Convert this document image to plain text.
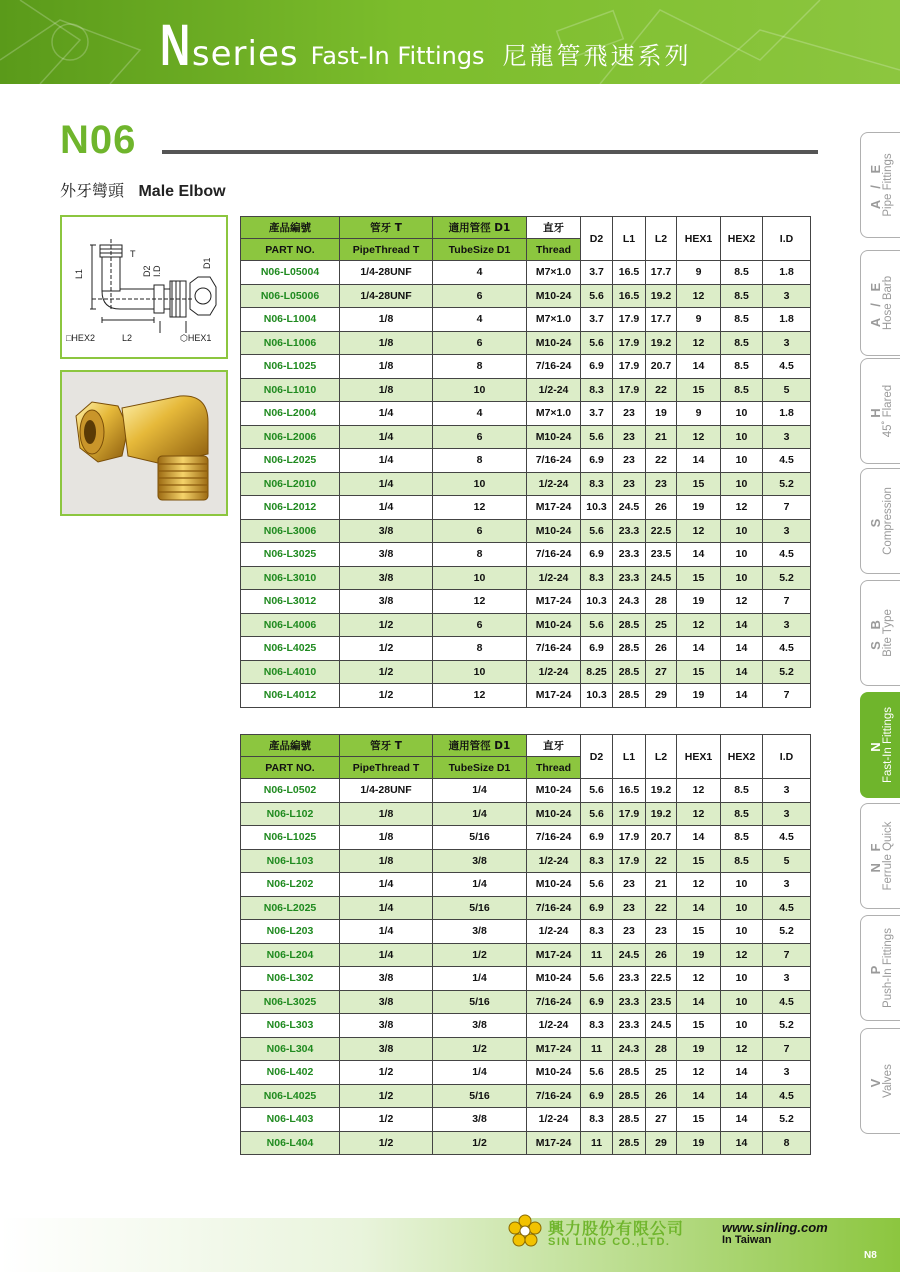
N series Fast-In Fittings 尼龍管飛速系列
N06
外牙彎頭 Male Elbow
L1
T
D2 I.D
D1
□HEX2	L2	⬡HEX1
產品編號	管牙 T	適用管徑 D1	直牙	D2	L1	L2	HEX1	HEX2	I.D
PART NO.	PipeThread T	TubeSize D1	Thread						
N06-L05004	1/4-28UNF	4	M7×1.0	3.7	16.5	17.7	9	8.5	1.8
N06-L05006	1/4-28UNF	6	M10-24	5.6	16.5	19.2	12	8.5	3
N06-L1004	1/8	4	M7×1.0	3.7	17.9	17.7	9	8.5	1.8
N06-L1006	1/8	6	M10-24	5.6	17.9	19.2	12	8.5	3
N06-L1025	1/8	8	7/16-24	6.9	17.9	20.7	14	8.5	4.5
N06-L1010	1/8	10	1/2-24	8.3	17.9	22	15	8.5	5
N06-L2004	1/4	4	M7×1.0	3.7	23	19	9	10	1.8
N06-L2006	1/4	6	M10-24	5.6	23	21	12	10	3
N06-L2025	1/4	8	7/16-24	6.9	23	22	14	10	4.5
N06-L2010	1/4	10	1/2-24	8.3	23	23	15	10	5.2
N06-L2012	1/4	12	M17-24	10.3	24.5	26	19	12	7
N06-L3006	3/8	6	M10-24	5.6	23.3	22.5	12	10	3
N06-L3025	3/8	8	7/16-24	6.9	23.3	23.5	14	10	4.5
N06-L3010	3/8	10	1/2-24	8.3	23.3	24.5	15	10	5.2
N06-L3012	3/8	12	M17-24	10.3	24.3	28	19	12	7
N06-L4006	1/2	6	M10-24	5.6	28.5	25	12	14	3
N06-L4025	1/2	8	7/16-24	6.9	28.5	26	14	14	4.5
N06-L4010	1/2	10	1/2-24	8.25	28.5	27	15	14	5.2
N06-L4012	1/2	12	M17-24	10.3	28.5	29	19	14	7
產品編號	管牙 T	適用管徑 D1	直牙	D2	L1	L2	HEX1	HEX2	I.D
PART NO.	PipeThread T	TubeSize D1	Thread						
N06-L0502	1/4-28UNF	1/4	M10-24	5.6	16.5	19.2	12	8.5	3
N06-L102	1/8	1/4	M10-24	5.6	17.9	19.2	12	8.5	3
N06-L1025	1/8	5/16	7/16-24	6.9	17.9	20.7	14	8.5	4.5
N06-L103	1/8	3/8	1/2-24	8.3	17.9	22	15	8.5	5
N06-L202	1/4	1/4	M10-24	5.6	23	21	12	10	3
N06-L2025	1/4	5/16	7/16-24	6.9	23	22	14	10	4.5
N06-L203	1/4	3/8	1/2-24	8.3	23	23	15	10	5.2
N06-L204	1/4	1/2	M17-24	11	24.5	26	19	12	7
N06-L302	3/8	1/4	M10-24	5.6	23.3	22.5	12	10	3
N06-L3025	3/8	5/16	7/16-24	6.9	23.3	23.5	14	10	4.5
N06-L303	3/8	3/8	1/2-24	8.3	23.3	24.5	15	10	5.2
N06-L304	3/8	1/2	M17-24	11	24.3	28	19	12	7
N06-L402	1/2	1/4	M10-24	5.6	28.5	25	12	14	3
N06-L4025	1/2	5/16	7/16-24	6.9	28.5	26	14	14	4.5
N06-L403	1/2	3/8	1/2-24	8.3	28.5	27	15	14	5.2
N06-L404	1/2	1/2	M17-24	11	28.5	29	19	14	8
A / E Pipe Fittings
A / E Hose Barb
H 45˚ Flared
S Compression
S B Bite Type
N Fast-In Fittings
N F Ferrule Quick
P Push-In Fittings
V Valves
興力股份有限公司
SIN LING CO.,LTD.
www.sinling.com
In Taiwan
N8
